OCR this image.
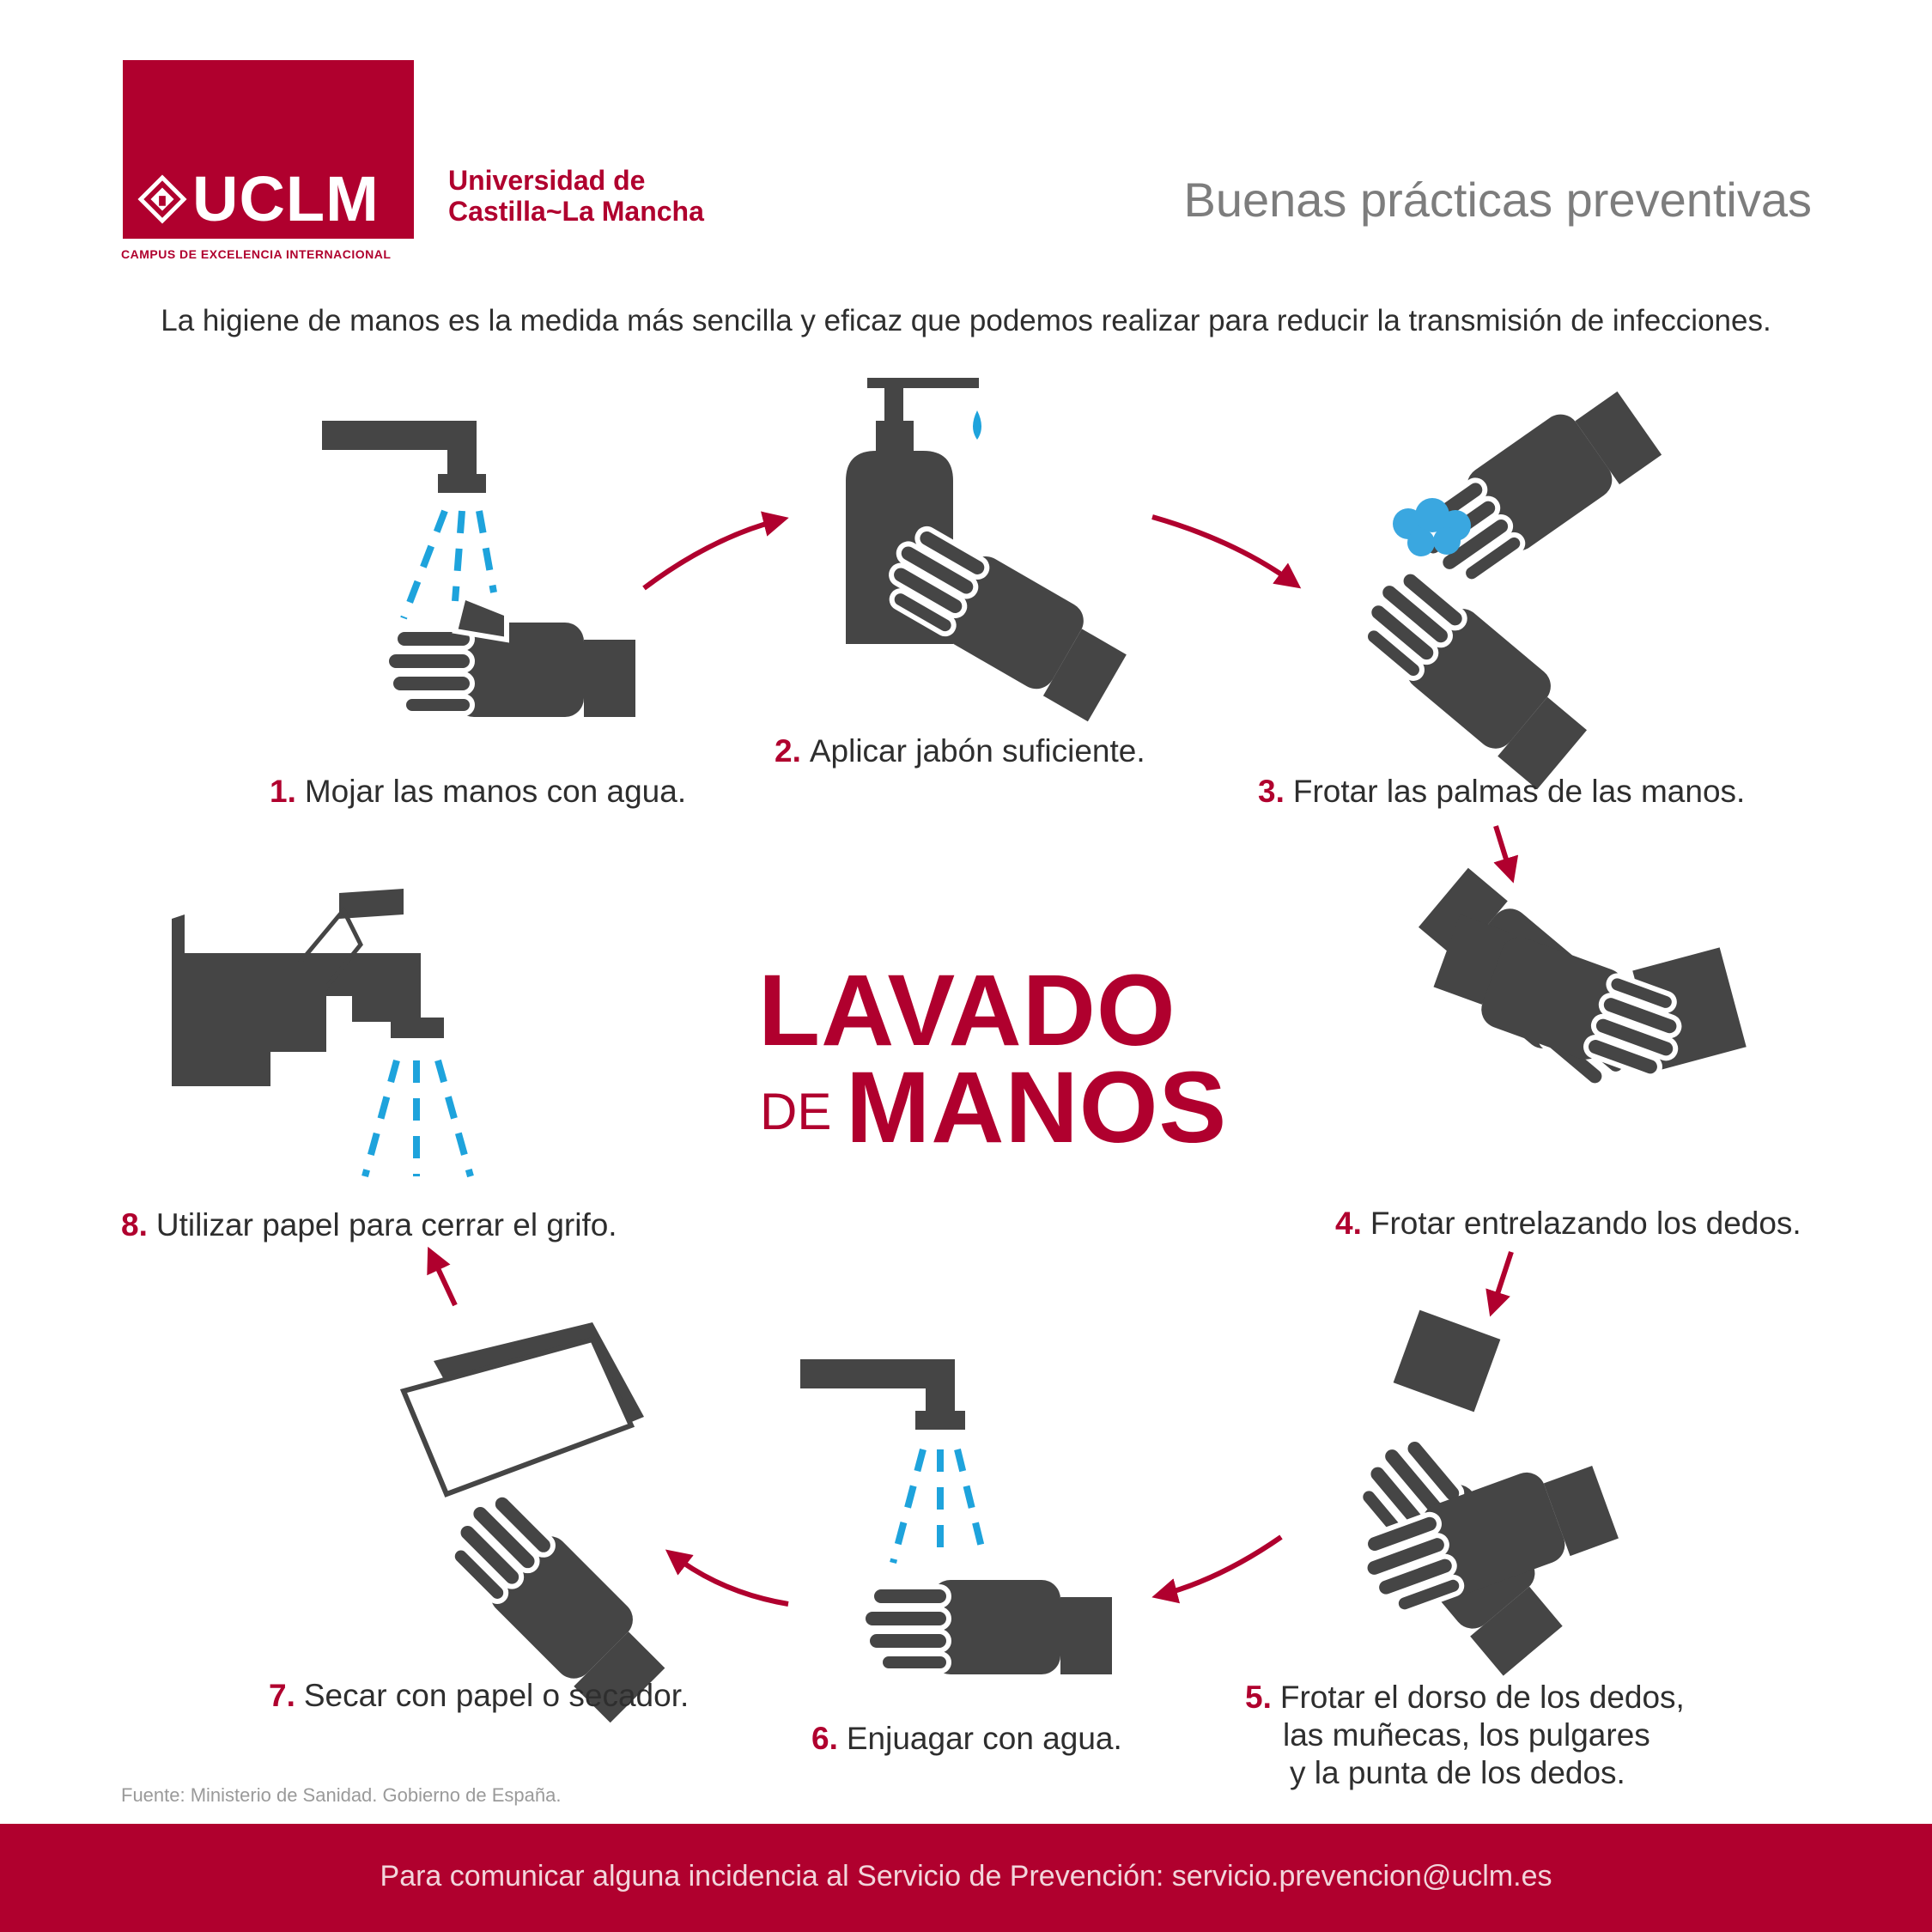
UCLM
CAMPUS DE EXCELENCIA INTERNACIONAL
Universidad de
Castilla~La Mancha	Buenas prácticas preventivas
La higiene de manos es la medida más sencilla y eficaz que podemos realizar para reducir la transmisión de infecciones.
1. Mojar las manos con agua.
2. Aplicar jabón suficiente.
3. Frotar las palmas de las manos.
4. Frotar entrelazando los dedos.
5. Frotar el dorso de los dedos,
las muñecas, los pulgares
y la punta de los dedos.
6. Enjuagar con agua.
7. Secar con papel o secador.
8. Utilizar papel para cerrar el grifo.
LAVADO
DE MANOS
Fuente: Ministerio de Sanidad. Gobierno de España.
Para comunicar alguna incidencia al Servicio de Prevención: servicio.prevencion@uclm.es
